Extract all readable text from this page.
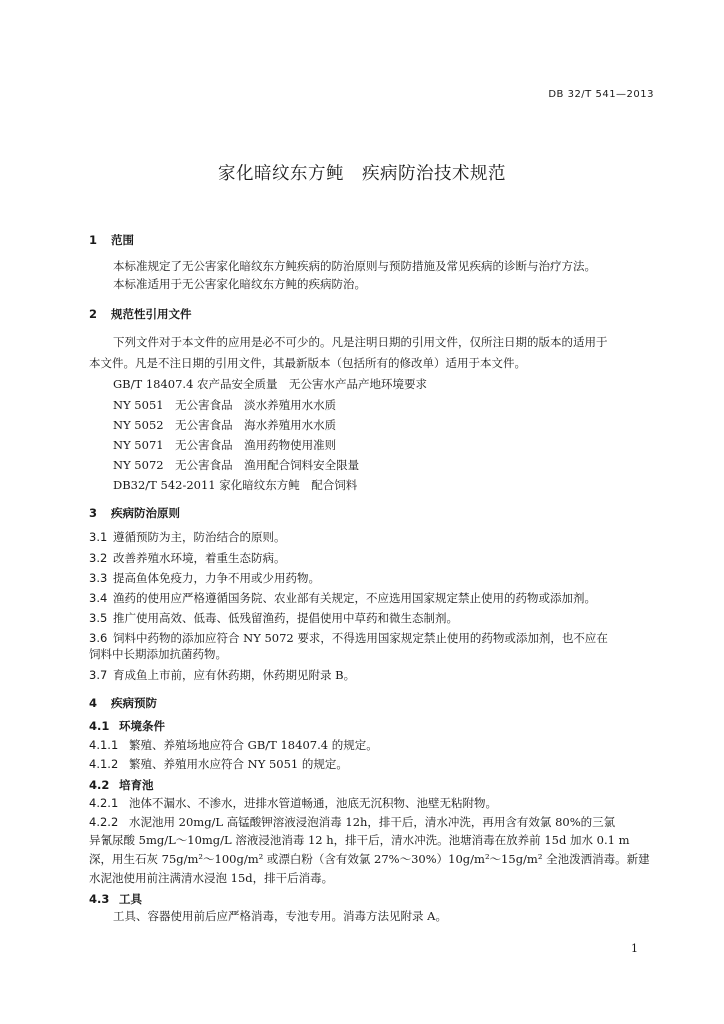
DB 32/T 541—2013
家化暗纹东方鲀　疾病防治技术规范
1 范围
本标准规定了无公害家化暗纹东方鲀疾病的防治原则与预防措施及常见疾病的诊断与治疗方法。
本标准适用于无公害家化暗纹东方鲀的疾病防治。
2 规范性引用文件
下列文件对于本文件的应用是必不可少的。凡是注明日期的引用文件，仅所注日期的版本的适用于
本文件。凡是不注日期的引用文件，其最新版本（包括所有的修改单）适用于本文件。
GB/T 18407.4 农产品安全质量　无公害水产品产地环境要求
NY 5051　无公害食品　淡水养殖用水水质
NY 5052　无公害食品　海水养殖用水水质
NY 5071　无公害食品　渔用药物使用准则
NY 5072　无公害食品　渔用配合饲料安全限量
DB32/T 542-2011 家化暗纹东方鲀　配合饲料
3 疾病防治原则
3.1 遵循预防为主，防治结合的原则。
3.2 改善养殖水环境，着重生态防病。
3.3 提高鱼体免疫力，力争不用或少用药物。
3.4 渔药的使用应严格遵循国务院、农业部有关规定，不应选用国家规定禁止使用的药物或添加剂。
3.5 推广使用高效、低毒、低残留渔药，提倡使用中草药和微生态制剂。
3.6 饲料中药物的添加应符合 NY 5072 要求，不得选用国家规定禁止使用的药物或添加剂，也不应在
饲料中长期添加抗菌药物。
3.7 育成鱼上市前，应有休药期，休药期见附录 B。
4 疾病预防
4.1 环境条件
4.1.1 繁殖、养殖场地应符合 GB/T 18407.4 的规定。
4.1.2 繁殖、养殖用水应符合 NY 5051 的规定。
4.2 培育池
4.2.1 池体不漏水、不渗水，进排水管道畅通，池底无沉积物、池壁无粘附物。
4.2.2 水泥池用 20mg/L 高锰酸钾溶液浸泡消毒 12h，排干后，清水冲洗，再用含有效氯 80%的三氯
异氰尿酸 5mg/L～10mg/L 溶液浸池消毒 12 h，排干后，清水冲洗。池塘消毒在放养前 15d 加水 0.1 m
深，用生石灰 75g/m²～100g/m² 或漂白粉（含有效氯 27%～30%）10g/m²～15g/m² 全池泼洒消毒。新建
水泥池使用前注满清水浸泡 15d，排干后消毒。
4.3 工具
工具、容器使用前后应严格消毒，专池专用。消毒方法见附录 A。
1
